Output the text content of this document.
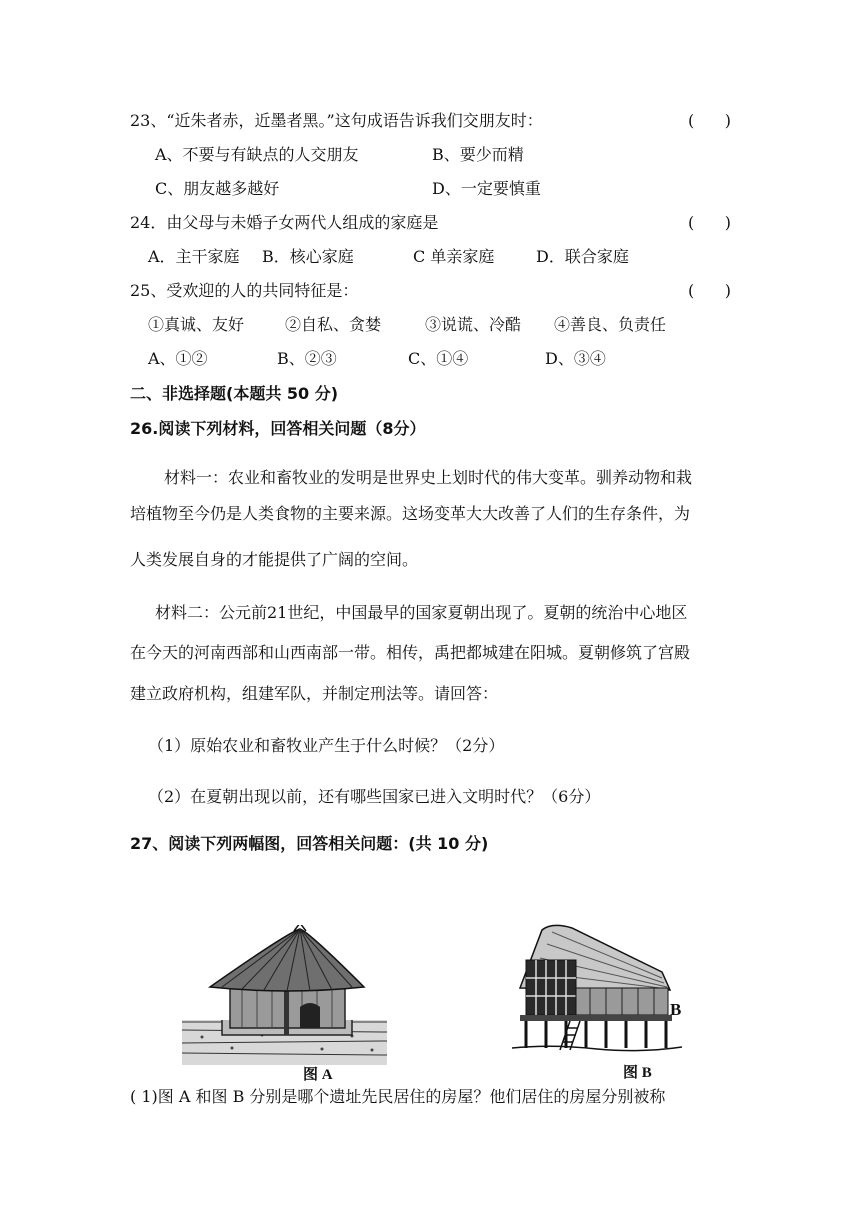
23、“近朱者赤，近墨者黑。”这句成语告诉我们交朋友时：	(      )
A、不要与有缺点的人交朋友	B、要少而精
C、朋友越多越好	D、一定要慎重
24．由父母与未婚子女两代人组成的家庭是	(      )
A．主干家庭 B．核心家庭	C 单亲家庭	D．联合家庭
25、受欢迎的人的共同特征是：	(      )
①真诚、友好	②自私、贪婪	③说谎、冷酷 ④善良、负责任
A、①②	B、②③	C、①④	D、③④
二、非选择题(本题共 50 分)
26.阅读下列材料，回答相关问题（8分）
材料一：农业和畜牧业的发明是世界史上划时代的伟大变革。驯养动物和栽
培植物至今仍是人类食物的主要来源。这场变革大大改善了人们的生存条件，为
人类发展自身的才能提供了广阔的空间。
材料二：公元前21世纪，中国最早的国家夏朝出现了。夏朝的统治中心地区
在今天的河南西部和山西南部一带。相传，禹把都城建在阳城。夏朝修筑了宫殿
建立政府机构，组建军队，并制定刑法等。请回答：
（1）原始农业和畜牧业产生于什么时候？（2分）
（2）在夏朝出现以前，还有哪些国家已进入文明时代？（6分）
27、阅读下列两幅图，回答相关问题：(共 10 分)
图 A
B
图 B
( 1)图 A 和图 B 分别是哪个遗址先民居住的房屋？他们居住的房屋分别被称
